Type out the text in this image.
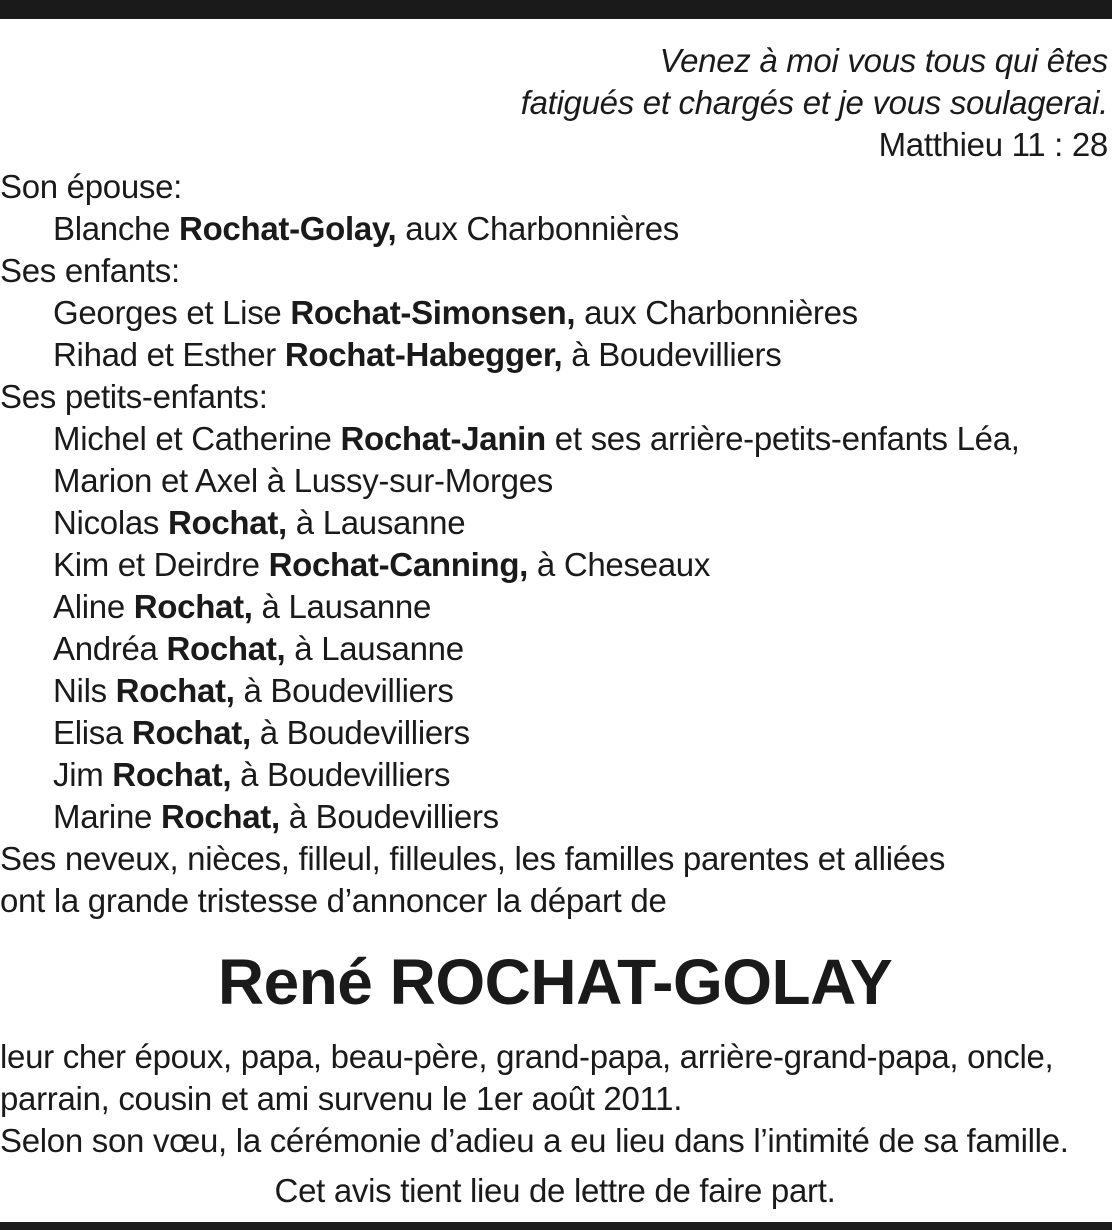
Venez à moi vous tous qui êtes
fatigués et chargés et je vous soulagerai.
Matthieu 11 : 28
Son épouse:
Blanche Rochat-Golay, aux Charbonnières
Ses enfants:
Georges et Lise Rochat-Simonsen, aux Charbonnières
Rihad et Esther Rochat-Habegger, à Boudevilliers
Ses petits-enfants:
Michel et Catherine Rochat-Janin et ses arrière-petits-enfants Léa,
Marion et Axel à Lussy-sur-Morges
Nicolas Rochat, à Lausanne
Kim et Deirdre Rochat-Canning, à Cheseaux
Aline Rochat, à Lausanne
Andréa Rochat, à Lausanne
Nils Rochat, à Boudevilliers
Elisa Rochat, à Boudevilliers
Jim Rochat, à Boudevilliers
Marine Rochat, à Boudevilliers
Ses neveux, nièces, filleul, filleules, les familles parentes et alliées
ont la grande tristesse d’annoncer la départ de
René ROCHAT-GOLAY
leur cher époux, papa, beau-père, grand-papa, arrière-grand-papa, oncle,
parrain, cousin et ami survenu le 1er août 2011.
Selon son vœu, la cérémonie d’adieu a eu lieu dans l’intimité de sa famille.
Cet avis tient lieu de lettre de faire part.
